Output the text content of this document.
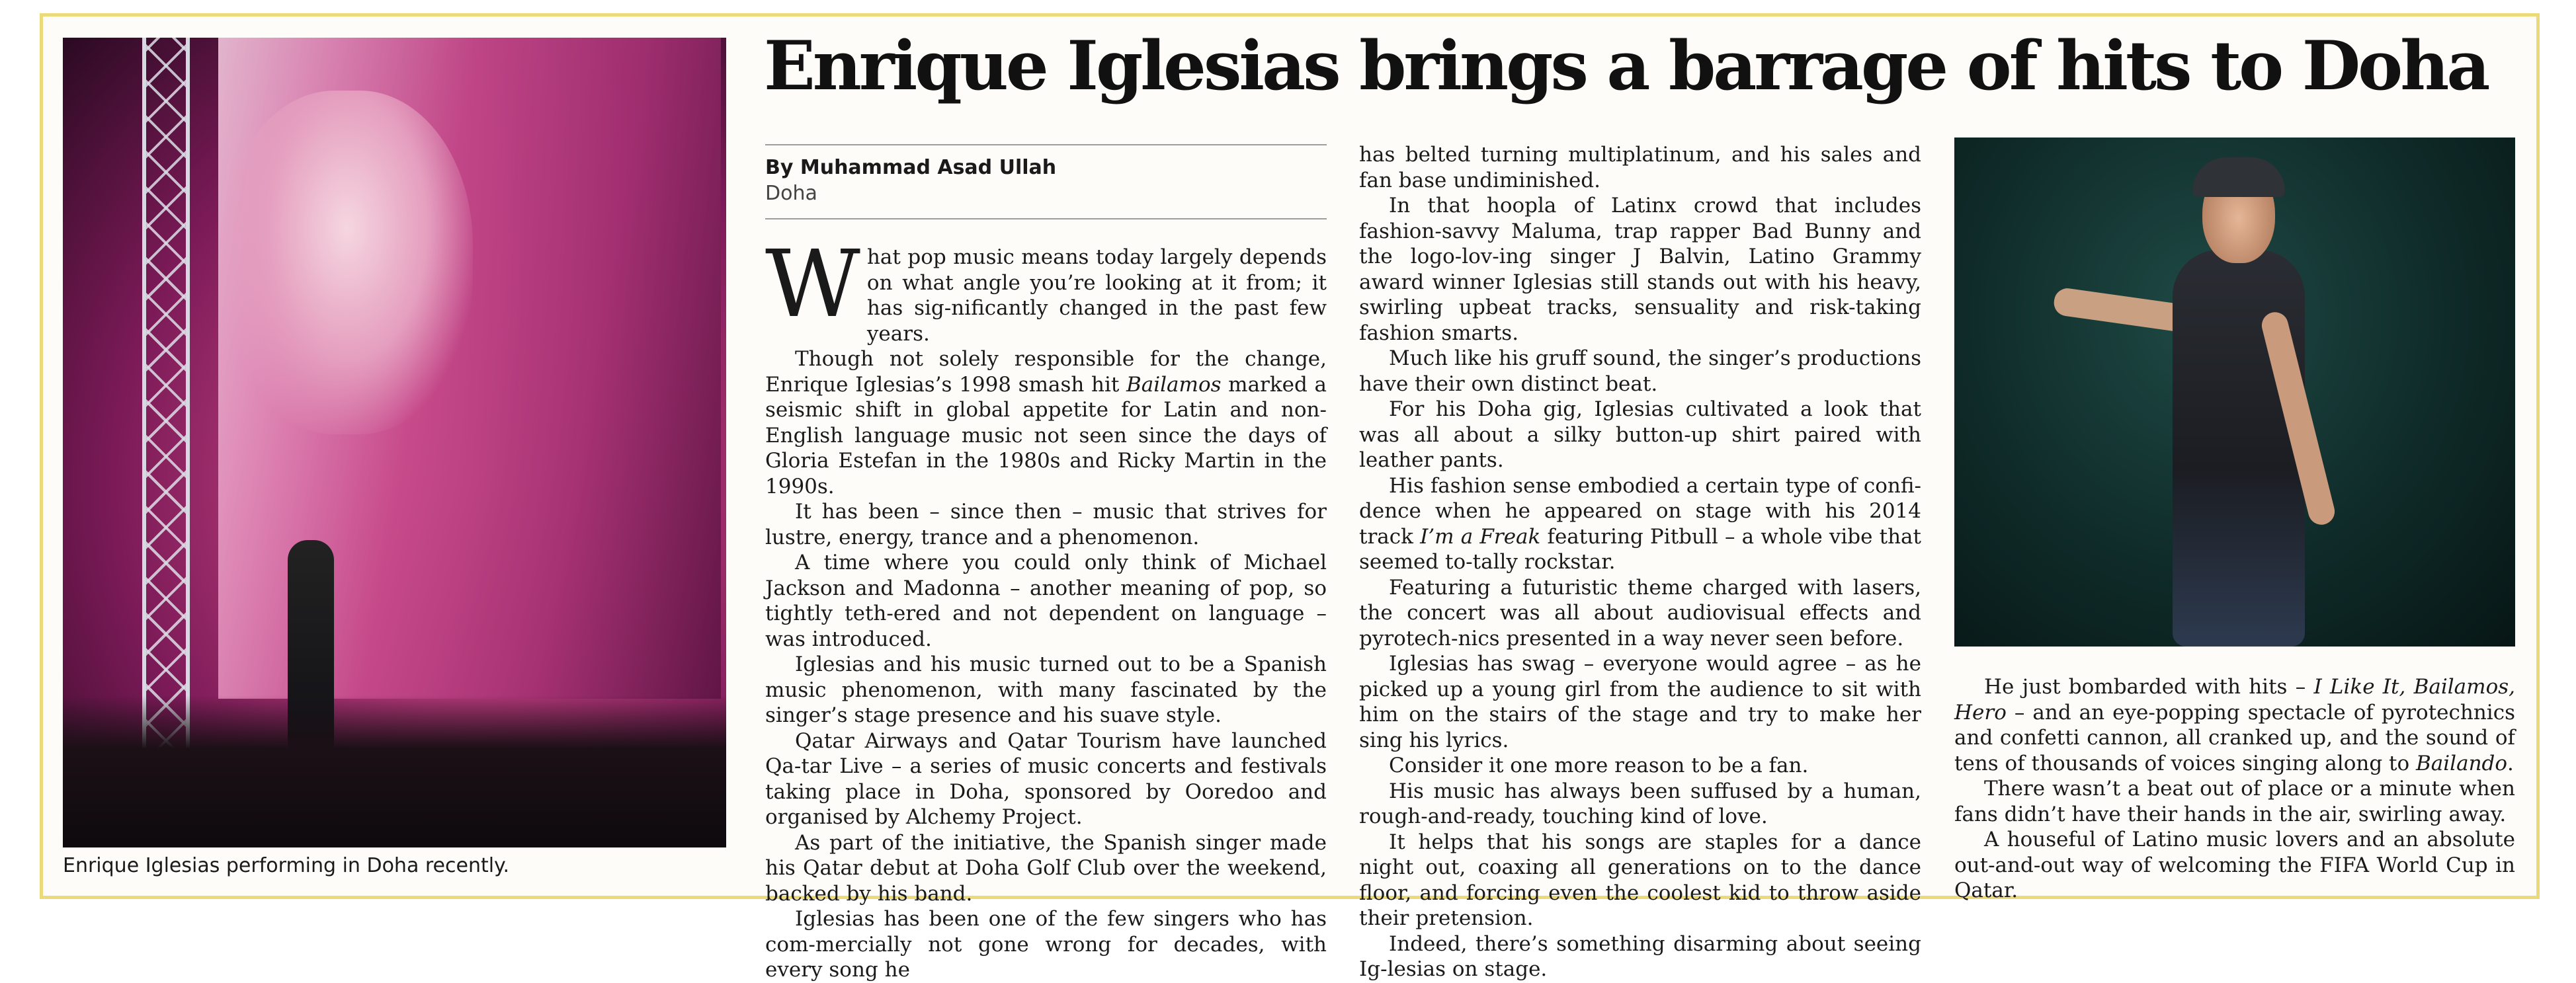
Enrique Iglesias performing in Doha recently.
Enrique Iglesias brings a barrage of hits to Doha
By Muhammad Asad Ullah
Doha

What pop music means today largely depends on what angle you’re looking at it from; it has sig-nificantly changed in the past few years.

Though not solely responsible for the change, Enrique Iglesias’s 1998 smash hit Bailamos marked a seismic shift in global appetite for Latin and non-English language music not seen since the days of Gloria Estefan in the 1980s and Ricky Martin in the 1990s.

It has been – since then – music that strives for lustre, energy, trance and a phenomenon.

A time where you could only think of Michael Jackson and Madonna – another meaning of pop, so tightly teth-ered and not dependent on language – was introduced.

Iglesias and his music turned out to be a Spanish music phenomenon, with many fascinated by the singer’s stage presence and his suave style.

Qatar Airways and Qatar Tourism have launched Qa-tar Live – a series of music concerts and festivals taking place in Doha, sponsored by Ooredoo and organised by Alchemy Project.

As part of the initiative, the Spanish singer made his Qatar debut at Doha Golf Club over the weekend, backed by his band.

Iglesias has been one of the few singers who has com-mercially not gone wrong for decades, with every song he

has belted turning multiplatinum, and his sales and fan base undiminished.

In that hoopla of Latinx crowd that includes fashion-savvy Maluma, trap rapper Bad Bunny and the logo-lov-ing singer J Balvin, Latino Grammy award winner Iglesias still stands out with his heavy, swirling upbeat tracks, sensuality and risk-taking fashion smarts.

Much like his gruff sound, the singer’s productions have their own distinct beat.

For his Doha gig, Iglesias cultivated a look that was all about a silky button-up shirt paired with leather pants.

His fashion sense embodied a certain type of confi-dence when he appeared on stage with his 2014 track I’m a Freak featuring Pitbull – a whole vibe that seemed to-tally rockstar.

Featuring a futuristic theme charged with lasers, the concert was all about audiovisual effects and pyrotech-nics presented in a way never seen before.

Iglesias has swag – everyone would agree – as he picked up a young girl from the audience to sit with him on the stairs of the stage and try to make her sing his lyrics.

Consider it one more reason to be a fan.

His music has always been suffused by a human, rough-and-ready, touching kind of love.

It helps that his songs are staples for a dance night out, coaxing all generations on to the dance floor, and forcing even the coolest kid to throw aside their pretension.

Indeed, there’s something disarming about seeing Ig-lesias on stage.

He just bombarded with hits – I Like It, Bailamos, Hero – and an eye-popping spectacle of pyrotechnics and confetti cannon, all cranked up, and the sound of tens of thousands of voices singing along to Bailando.

There wasn’t a beat out of place or a minute when fans didn’t have their hands in the air, swirling away.

A houseful of Latino music lovers and an absolute out-and-out way of welcoming the FIFA World Cup in Qatar.
